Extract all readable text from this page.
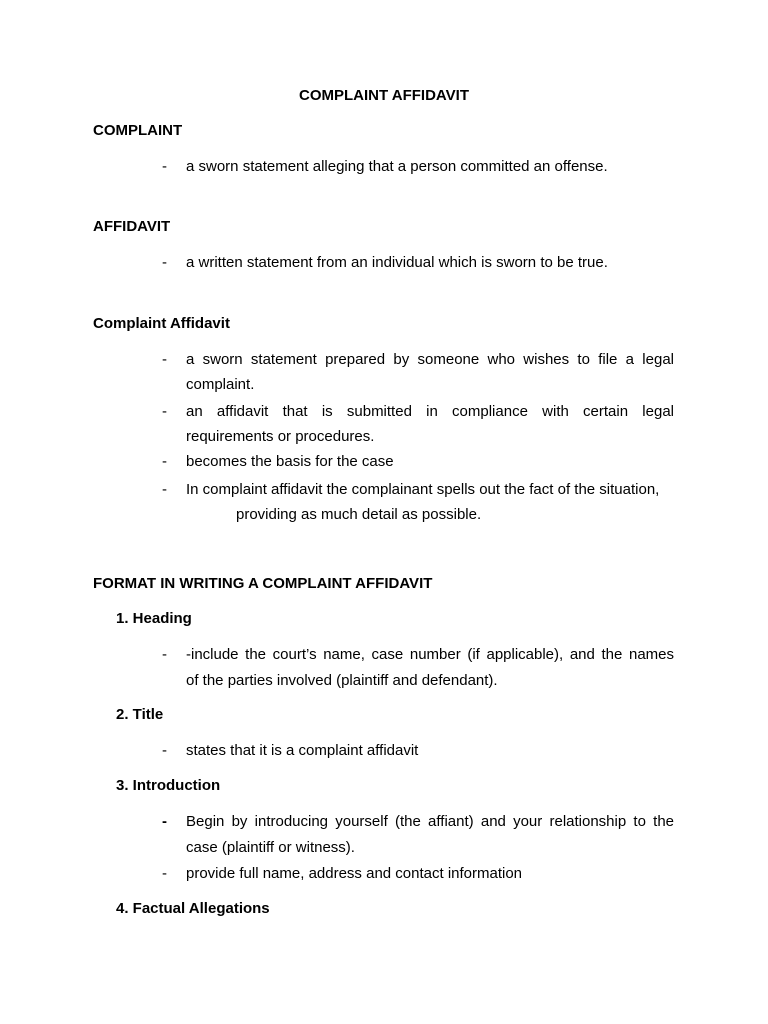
COMPLAINT AFFIDAVIT
COMPLAINT
- a sworn statement alleging that a person committed an offense.
AFFIDAVIT
- a written statement from an individual which is sworn to be true.
Complaint Affidavit
- a sworn statement prepared by someone who wishes to file a legal
complaint.
- an affidavit that is submitted in compliance with certain legal
requirements or procedures.
- becomes the basis for the case
- In complaint affidavit the complainant spells out the fact of the situation,
providing as much detail as possible.
FORMAT IN WRITING A COMPLAINT AFFIDAVIT
1. Heading
- -include the court’s name, case number (if applicable), and the names
of the parties involved (plaintiff and defendant).
2. Title
- states that it is a complaint affidavit
3. Introduction
- Begin by introducing yourself (the affiant) and your relationship to the
case (plaintiff or witness).
- provide full name, address and contact information
4. Factual Allegations
